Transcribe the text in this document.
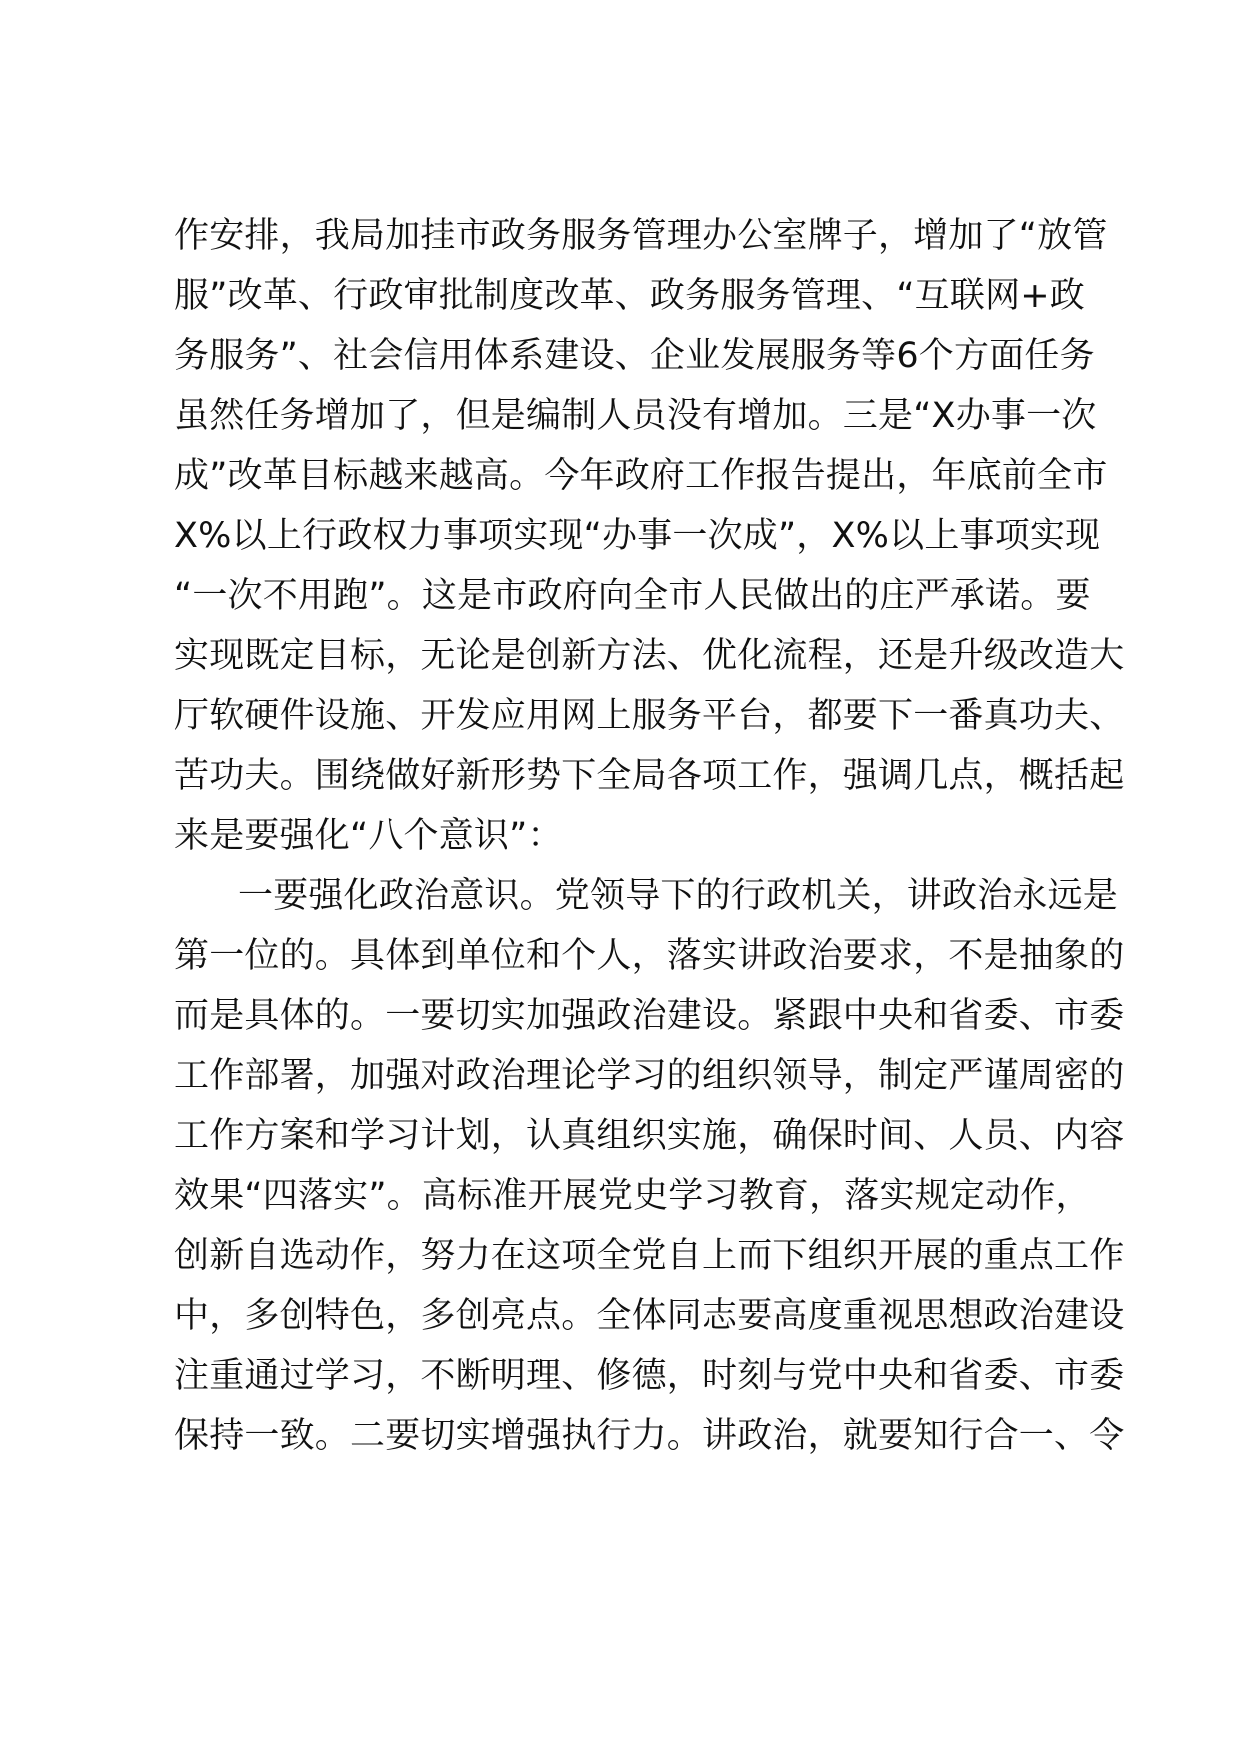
作安排，我局加挂市政务服务管理办公室牌子，增加了“放管
服”改革、行政审批制度改革、政务服务管理、“互联网+政
务服务”、社会信用体系建设、企业发展服务等6个方面任务
虽然任务增加了，但是编制人员没有增加。三是“X办事一次
成”改革目标越来越高。今年政府工作报告提出，年底前全市
X%以上行政权力事项实现“办事一次成”，X%以上事项实现
“一次不用跑”。这是市政府向全市人民做出的庄严承诺。要
实现既定目标，无论是创新方法、优化流程，还是升级改造大
厅软硬件设施、开发应用网上服务平台，都要下一番真功夫、
苦功夫。围绕做好新形势下全局各项工作，强调几点，概括起
来是要强化“八个意识”：
一要强化政治意识。党领导下的行政机关，讲政治永远是
第一位的。具体到单位和个人，落实讲政治要求，不是抽象的
而是具体的。一要切实加强政治建设。紧跟中央和省委、市委
工作部署，加强对政治理论学习的组织领导，制定严谨周密的
工作方案和学习计划，认真组织实施，确保时间、人员、内容
效果“四落实”。高标准开展党史学习教育，落实规定动作，
创新自选动作，努力在这项全党自上而下组织开展的重点工作
中，多创特色，多创亮点。全体同志要高度重视思想政治建设
注重通过学习，不断明理、修德，时刻与党中央和省委、市委
保持一致。二要切实增强执行力。讲政治，就要知行合一、令
